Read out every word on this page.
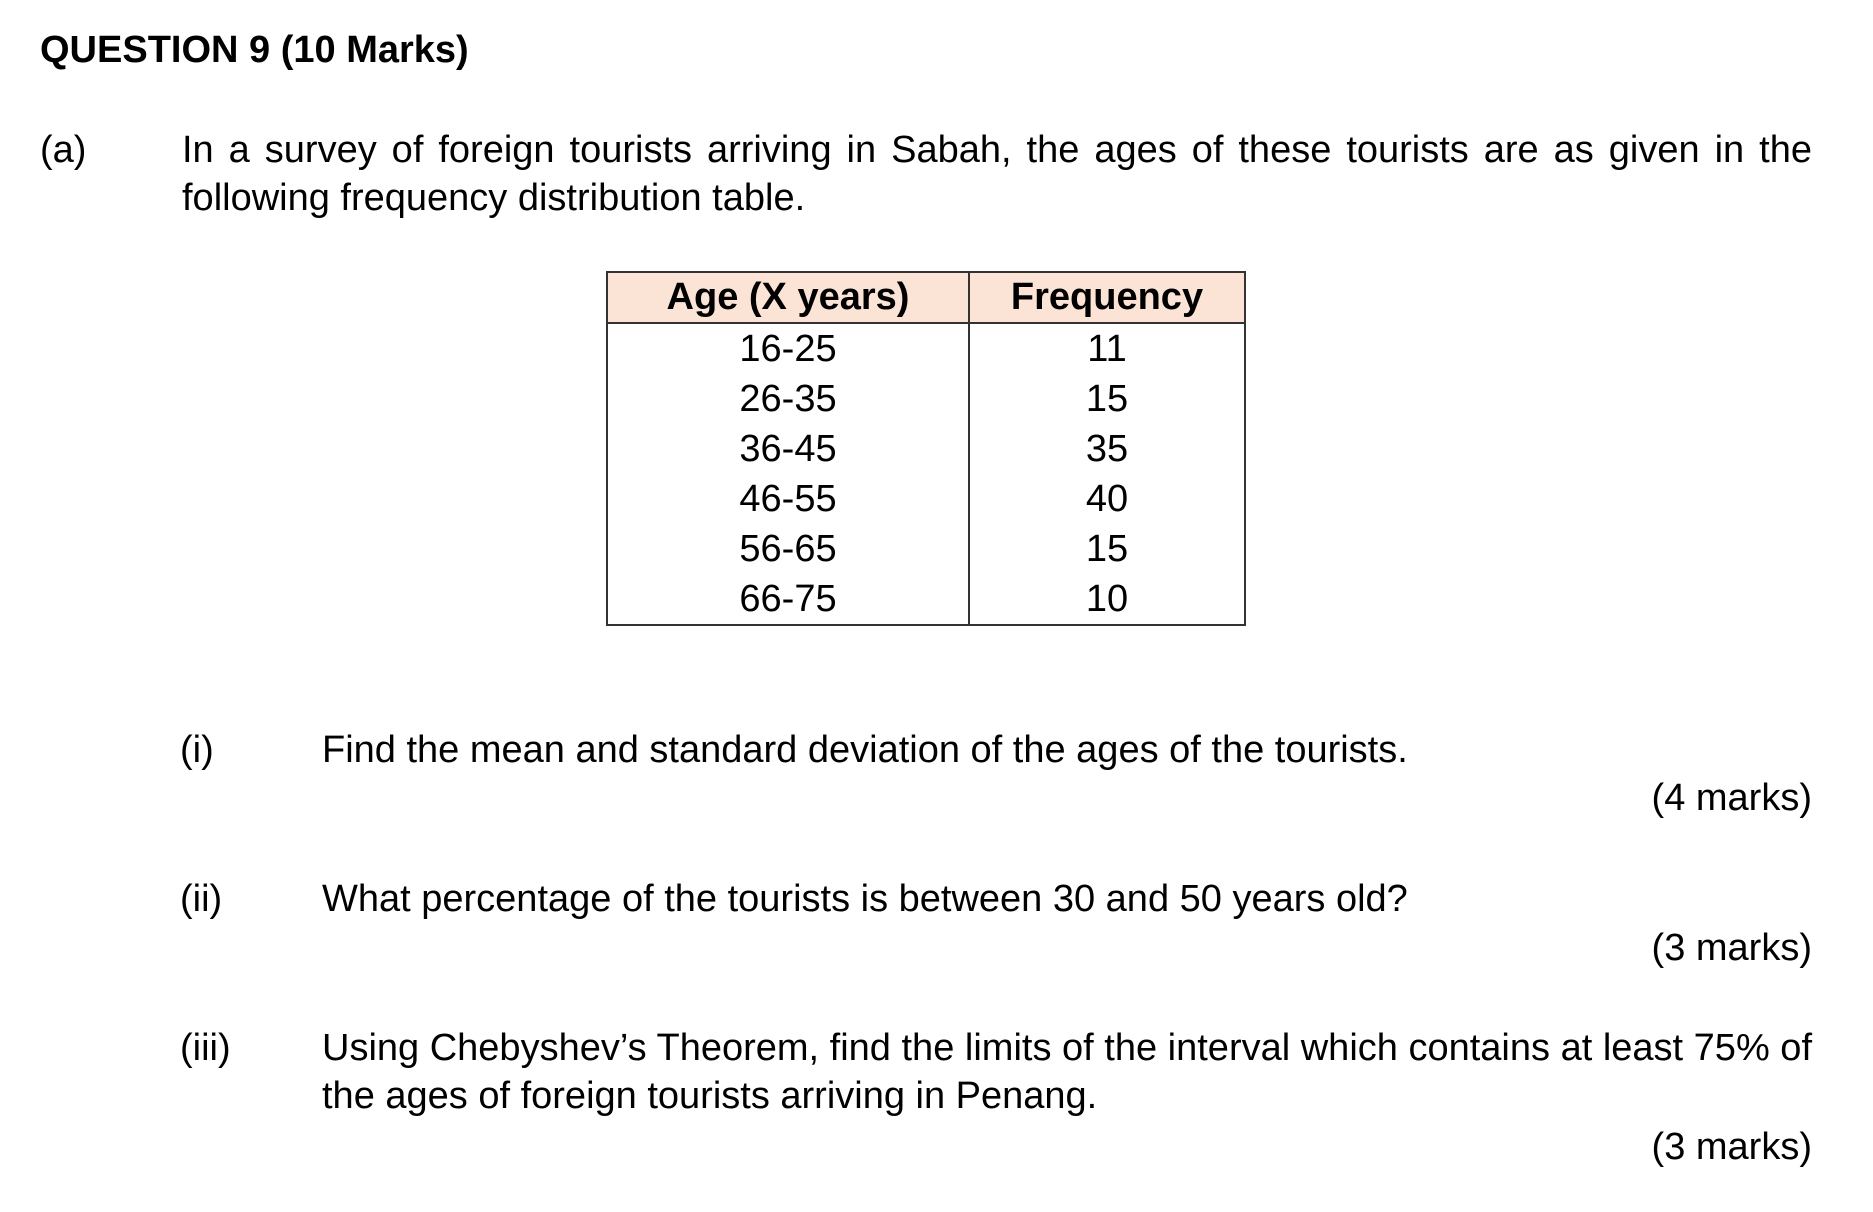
QUESTION 9 (10 Marks)
(a)	In a survey of foreign tourists arriving in Sabah, the ages of these tourists are as given in the following frequency distribution table.
Age (X years)	Frequency
16-25	11
26-35	15
36-45	35
46-55	40
56-65	15
66-75	10
(i)	Find the mean and standard deviation of the ages of the tourists.
(4 marks)
(ii)	What percentage of the tourists is between 30 and 50 years old?
(3 marks)
(iii) Using Chebyshev’s Theorem, find the limits of the interval which contains at least 75% of the ages of foreign tourists arriving in Penang.
(3 marks)
